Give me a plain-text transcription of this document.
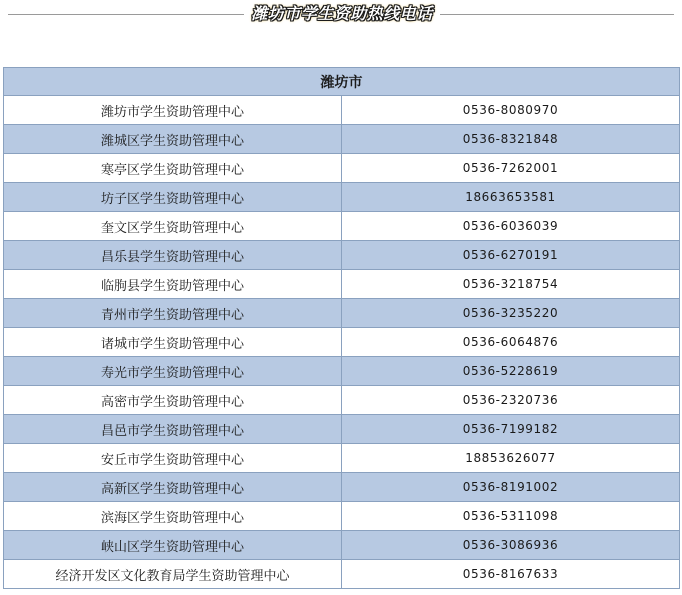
潍坊市学生资助热线电话
潍坊市	
潍坊市学生资助管理中心	0536-8080970
潍城区学生资助管理中心	0536-8321848
寒亭区学生资助管理中心	0536-7262001
坊子区学生资助管理中心	18663653581
奎文区学生资助管理中心	0536-6036039
昌乐县学生资助管理中心	0536-6270191
临朐县学生资助管理中心	0536-3218754
青州市学生资助管理中心	0536-3235220
诸城市学生资助管理中心	0536-6064876
寿光市学生资助管理中心	0536-5228619
高密市学生资助管理中心	0536-2320736
昌邑市学生资助管理中心	0536-7199182
安丘市学生资助管理中心	18853626077
高新区学生资助管理中心	0536-8191002
滨海区学生资助管理中心	0536-5311098
峡山区学生资助管理中心	0536-3086936
经济开发区文化教育局学生资助管理中心	0536-8167633
